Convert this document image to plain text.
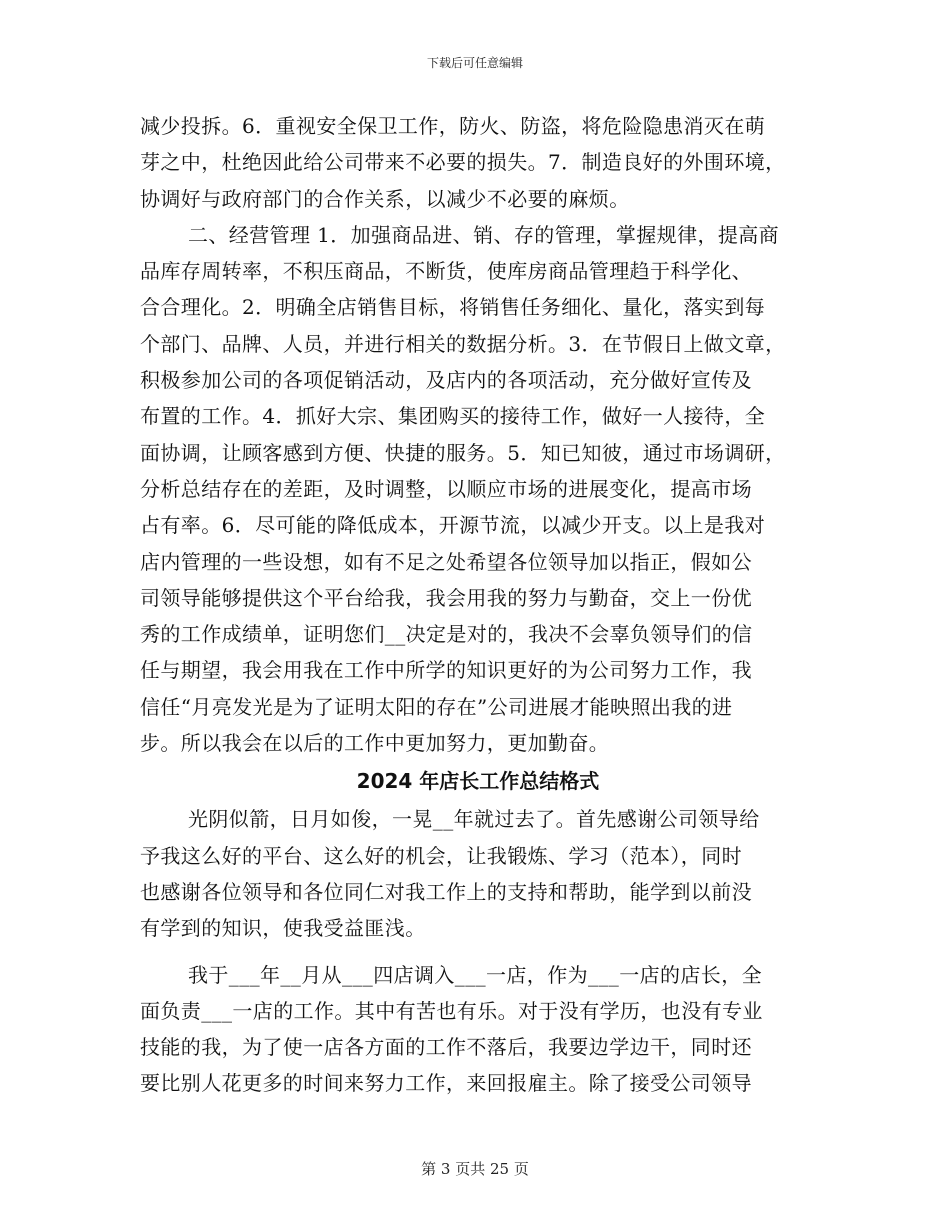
下载后可任意编辑
减少投拆。6．重视安全保卫工作，防火、防盗，将危险隐患消灭在萌
芽之中，杜绝因此给公司带来不必要的损失。7．制造良好的外围环境，
协调好与政府部门的合作关系，以减少不必要的麻烦。
二、经营管理 1．加强商品进、销、存的管理，掌握规律，提高商
品库存周转率，不积压商品，不断货，使库房商品管理趋于科学化、
合合理化。2．明确全店销售目标，将销售任务细化、量化，落实到每
个部门、品牌、人员，并进行相关的数据分析。3．在节假日上做文章，
积极参加公司的各项促销活动，及店内的各项活动，充分做好宣传及
布置的工作。4．抓好大宗、集团购买的接待工作，做好一人接待，全
面协调，让顾客感到方便、快捷的服务。5．知已知彼，通过市场调研，
分析总结存在的差距，及时调整，以顺应市场的进展变化，提高市场
占有率。6．尽可能的降低成本，开源节流，以减少开支。以上是我对
店内管理的一些设想，如有不足之处希望各位领导加以指正，假如公
司领导能够提供这个平台给我，我会用我的努力与勤奋，交上一份优
秀的工作成绩单，证明您们__决定是对的，我决不会辜负领导们的信
任与期望，我会用我在工作中所学的知识更好的为公司努力工作，我
信任“月亮发光是为了证明太阳的存在”公司进展才能映照出我的进
步。所以我会在以后的工作中更加努力，更加勤奋。
2024 年店长工作总结格式
光阴似箭，日月如俊，一晃__年就过去了。首先感谢公司领导给
予我这么好的平台、这么好的机会，让我锻炼、学习（范本），同时
也感谢各位领导和各位同仁对我工作上的支持和帮助，能学到以前没
有学到的知识，使我受益匪浅。
我于___年__月从___四店调入___一店，作为___一店的店长，全
面负责___一店的工作。其中有苦也有乐。对于没有学历，也没有专业
技能的我，为了使一店各方面的工作不落后，我要边学边干，同时还
要比别人花更多的时间来努力工作，来回报雇主。除了接受公司领导
第 3 页共 25 页
